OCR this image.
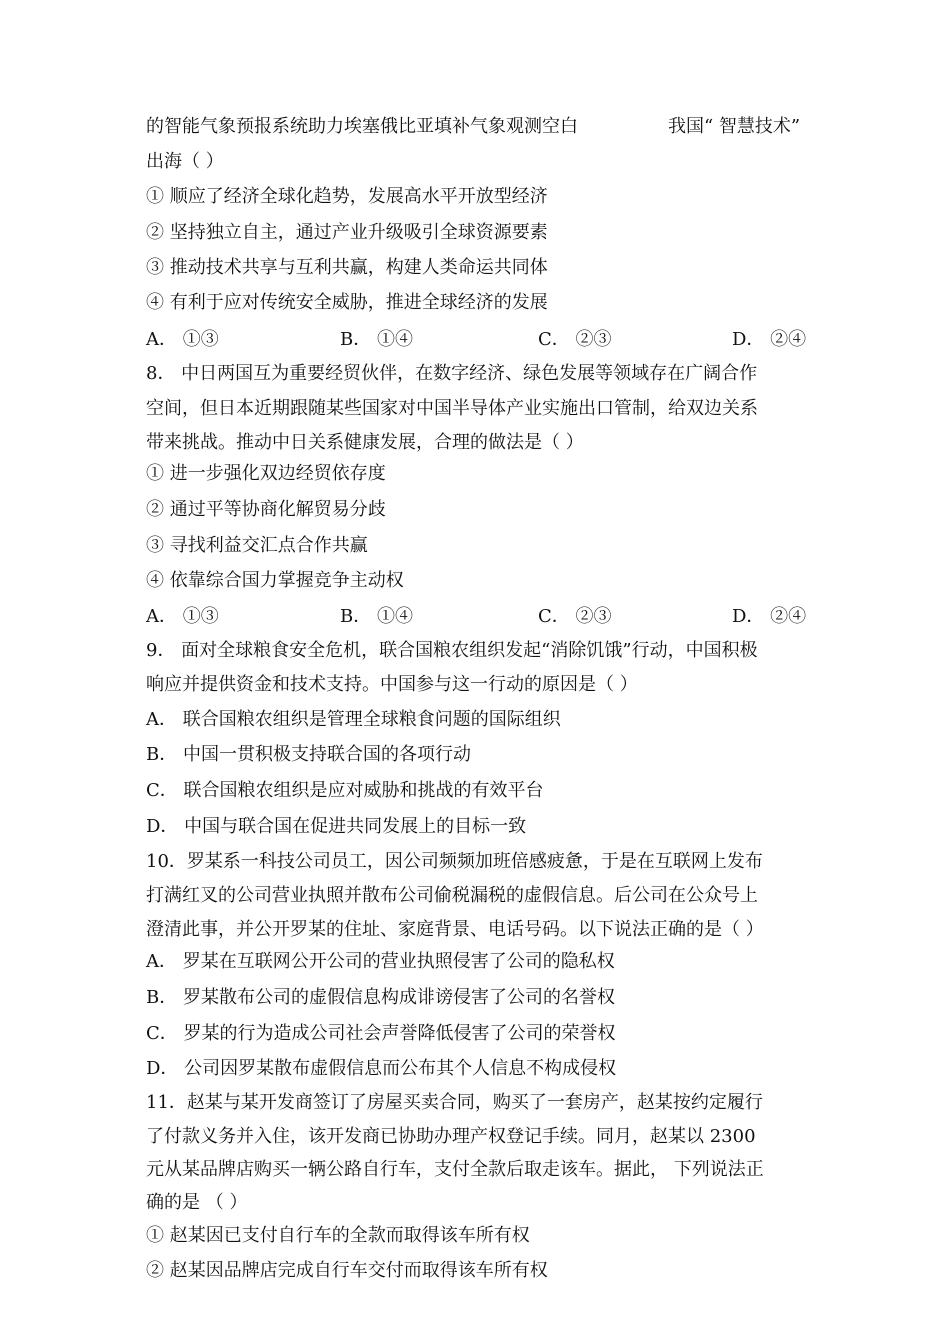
的智能气象预报系统助力埃塞俄比亚填补气象观测空白	我国“ 智慧技术”
出海（ ）
① 顺应了经济全球化趋势，发展高水平开放型经济
② 坚持独立自主，通过产业升级吸引全球资源要素
③ 推动技术共享与互利共赢，构建人类命运共同体
④ 有利于应对传统安全威胁，推进全球经济的发展
A． ①③	B． ①④	C． ②③	D． ②④
8． 中日两国互为重要经贸伙伴，在数字经济、绿色发展等领域存在广阔合作
空间，但日本近期跟随某些国家对中国半导体产业实施出口管制，给双边关系
带来挑战。推动中日关系健康发展，合理的做法是（ ）
① 进一步强化双边经贸依存度
② 通过平等协商化解贸易分歧
③ 寻找利益交汇点合作共赢
④ 依靠综合国力掌握竞争主动权
A． ①③	B． ①④	C． ②③	D． ②④
9． 面对全球粮食安全危机，联合国粮农组织发起“消除饥饿”行动，中国积极
响应并提供资金和技术支持。中国参与这一行动的原因是（ ）
A． 联合国粮农组织是管理全球粮食问题的国际组织
B． 中国一贯积极支持联合国的各项行动
C． 联合国粮农组织是应对威胁和挑战的有效平台
D． 中国与联合国在促进共同发展上的目标一致
10．罗某系一科技公司员工，因公司频频加班倍感疲惫，于是在互联网上发布
打满红叉的公司营业执照并散布公司偷税漏税的虚假信息。后公司在公众号上
澄清此事，并公开罗某的住址、家庭背景、电话号码。以下说法正确的是（ ）
A． 罗某在互联网公开公司的营业执照侵害了公司的隐私权
B． 罗某散布公司的虚假信息构成诽谤侵害了公司的名誉权
C． 罗某的行为造成公司社会声誉降低侵害了公司的荣誉权
D． 公司因罗某散布虚假信息而公布其个人信息不构成侵权
11．赵某与某开发商签订了房屋买卖合同，购买了一套房产，赵某按约定履行
了付款义务并入住，该开发商已协助办理产权登记手续。同月，赵某以 2300
元从某品牌店购买一辆公路自行车，支付全款后取走该车。据此， 下列说法正
确的是 （ ）
① 赵某因已支付自行车的全款而取得该车所有权
② 赵某因品牌店完成自行车交付而取得该车所有权
